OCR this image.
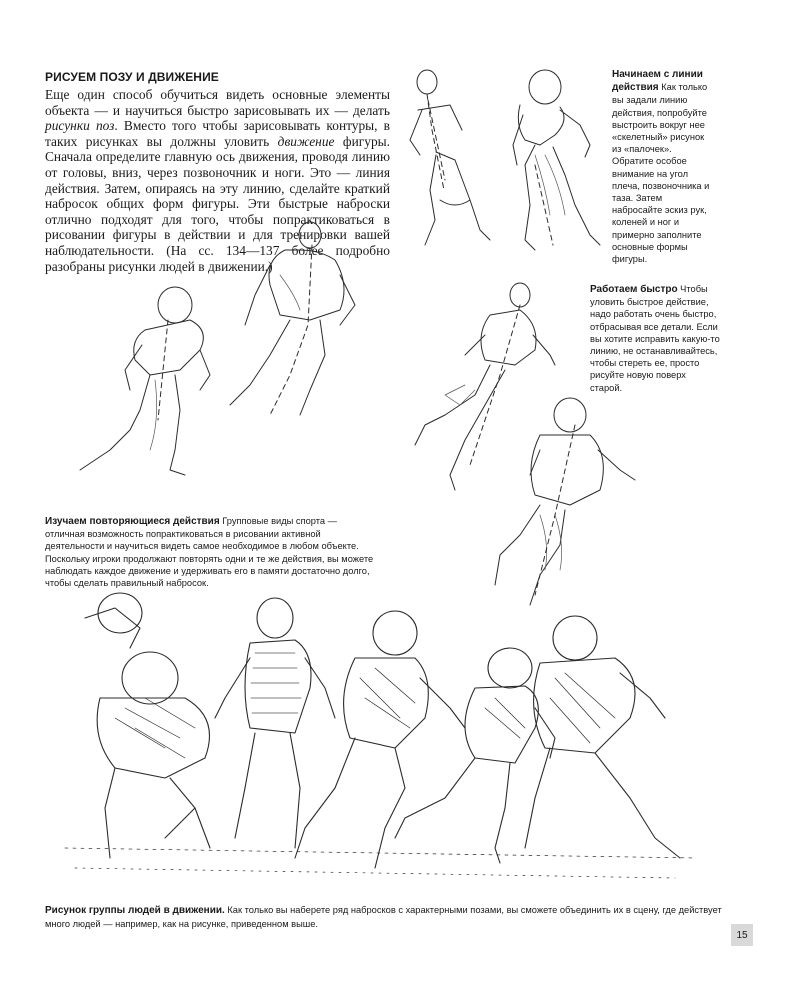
РИСУЕМ ПОЗУ И ДВИЖЕНИЕ

Еще один способ обучиться видеть основные элементы объекта — и научиться быстро зарисовывать их — делать рисунки поз. Вместо того чтобы зарисовывать контуры, в таких рисунках вы должны уловить движение фигуры. Сначала определите главную ось движения, проводя линию от головы, вниз, через позвоночник и ноги. Это — линия действия. Затем, опираясь на эту линию, сделайте краткий набросок общих форм фигуры. Эти быстрые наброски отлично подходят для того, чтобы попрактиковаться в рисовании фигуры в действии и для тренировки вашей наблюдательности. (На сс. 134—137 более подробно разобраны рисунки людей в движении.)

Начинаем с линии действия Как только вы задали линию действия, попробуйте выстроить вокруг нее «скелетный» рисунок из «палочек». Обратите особое внимание на угол плеча, позвоночника и таза. Затем набросайте эскиз рук, коленей и ног и примерно заполните основные формы фигуры.

Работаем быстро Чтобы уловить быстрое действие, надо работать очень быстро, отбрасывая все детали. Если вы хотите исправить какую-то линию, не останавливайтесь, чтобы стереть ее, просто рисуйте новую поверх старой.

Изучаем повторяющиеся действия Групповые виды спорта — отличная возможность попрактиковаться в рисовании активной деятельности и научиться видеть самое необходимое в любом объекте. Поскольку игроки продолжают повторять одни и те же действия, вы можете наблюдать каждое движение и удерживать его в памяти достаточно долго, чтобы сделать правильный набросок.

Рисунок группы людей в движении. Как только вы наберете ряд набросков с характерными позами, вы сможете объединить их в сцену, где действует много людей — например, как на рисунке, приведенном выше.

15
